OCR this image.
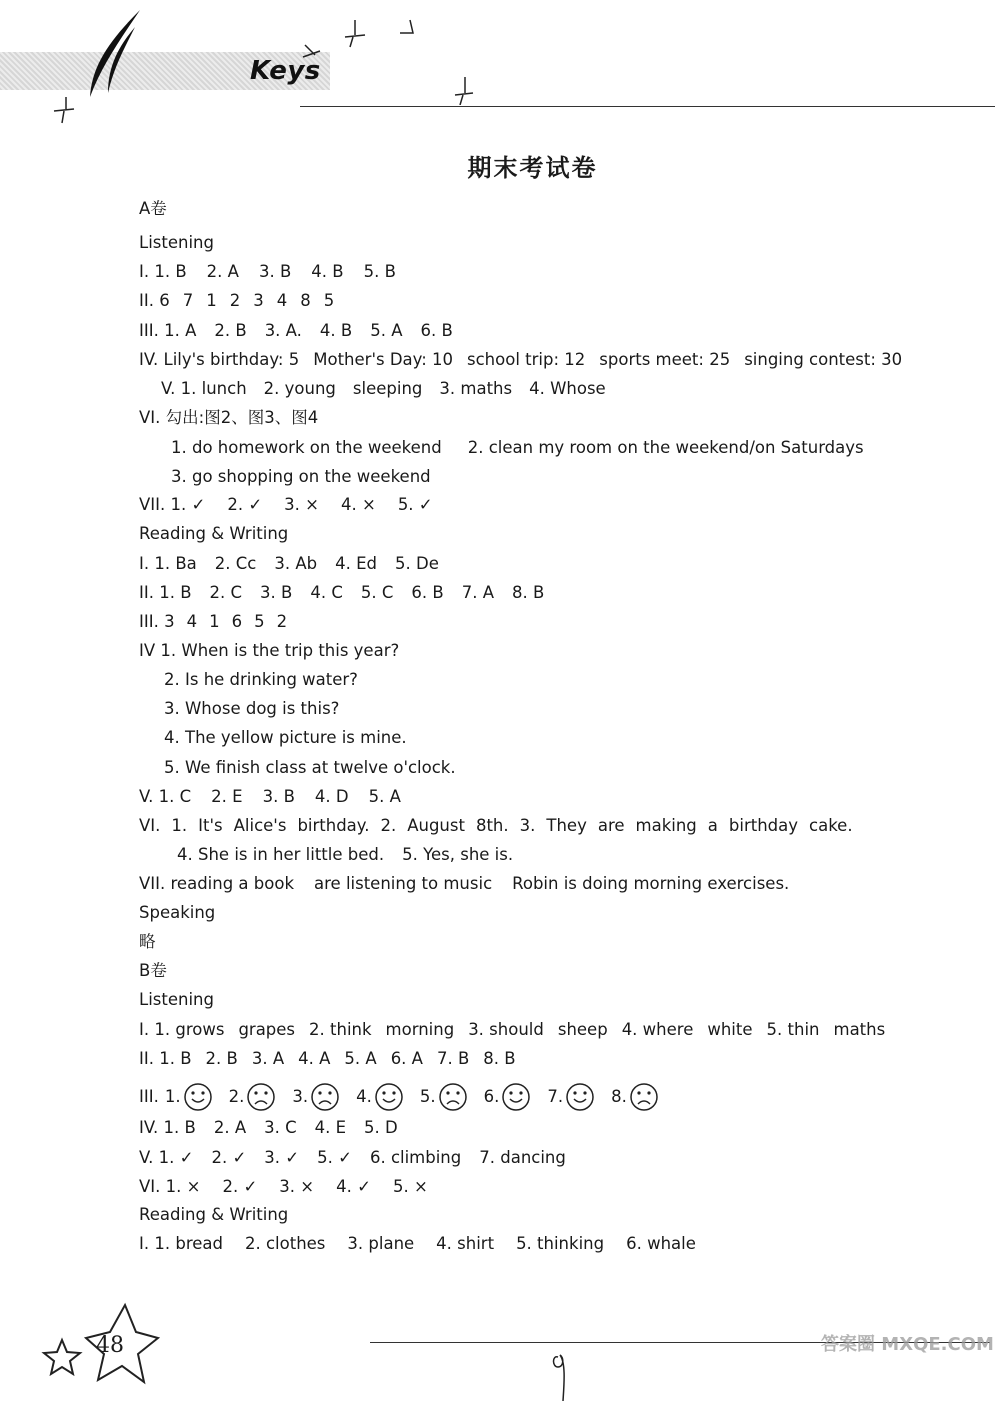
Keys
期末考试卷
A卷
Listening
I. 1. B 2. A 3. B 4. B 5. B
II. 6 7 1 2 3 4 8 5
III. 1. A 2. B 3. A. 4. B 5. A 6. B
IV. Lily's birthday: 5 Mother's Day: 10 school trip: 12 sports meet: 25 singing contest: 30
V. 1. lunch 2. young sleeping 3. maths 4. Whose
VI. 勾出:图2、图3、图4
1. do homework on the weekend 2. clean my room on the weekend/on Saturdays
3. go shopping on the weekend
VII. 1. ✓ 2. ✓ 3. × 4. × 5. ✓
Reading & Writing
I. 1. Ba 2. Cc 3. Ab 4. Ed 5. De
II. 1. B 2. C 3. B 4. C 5. C 6. B 7. A 8. B
III. 3 4 1 6 5 2
IV 1. When is the trip this year?
2. Is he drinking water?
3. Whose dog is this?
4. The yellow picture is mine.
5. We finish class at twelve o'clock.
V. 1. C 2. E 3. B 4. D 5. A
VI. 1. It's Alice's birthday. 2. August 8th. 3. They are making a birthday cake.
4. She is in her little bed. 5. Yes, she is.
VII. reading a book are listening to music Robin is doing morning exercises.
Speaking
略
B卷
Listening
I. 1. grows grapes 2. think morning 3. should sheep 4. where white 5. thin maths
II. 1. B 2. B 3. A 4. A 5. A 6. A 7. B 8. B
IV. 1. B 2. A 3. C 4. E 5. D
V. 1. ✓ 2. ✓ 3. ✓ 5. ✓ 6. climbing 7. dancing
VI. 1. × 2. ✓ 3. × 4. ✓ 5. ×
Reading & Writing
I. 1. bread 2. clothes 3. plane 4. shirt 5. thinking 6. whale
III. 1.	2.	3.	4.	5.	6.	7.	8.
48	答案圈 MXQE.COM
